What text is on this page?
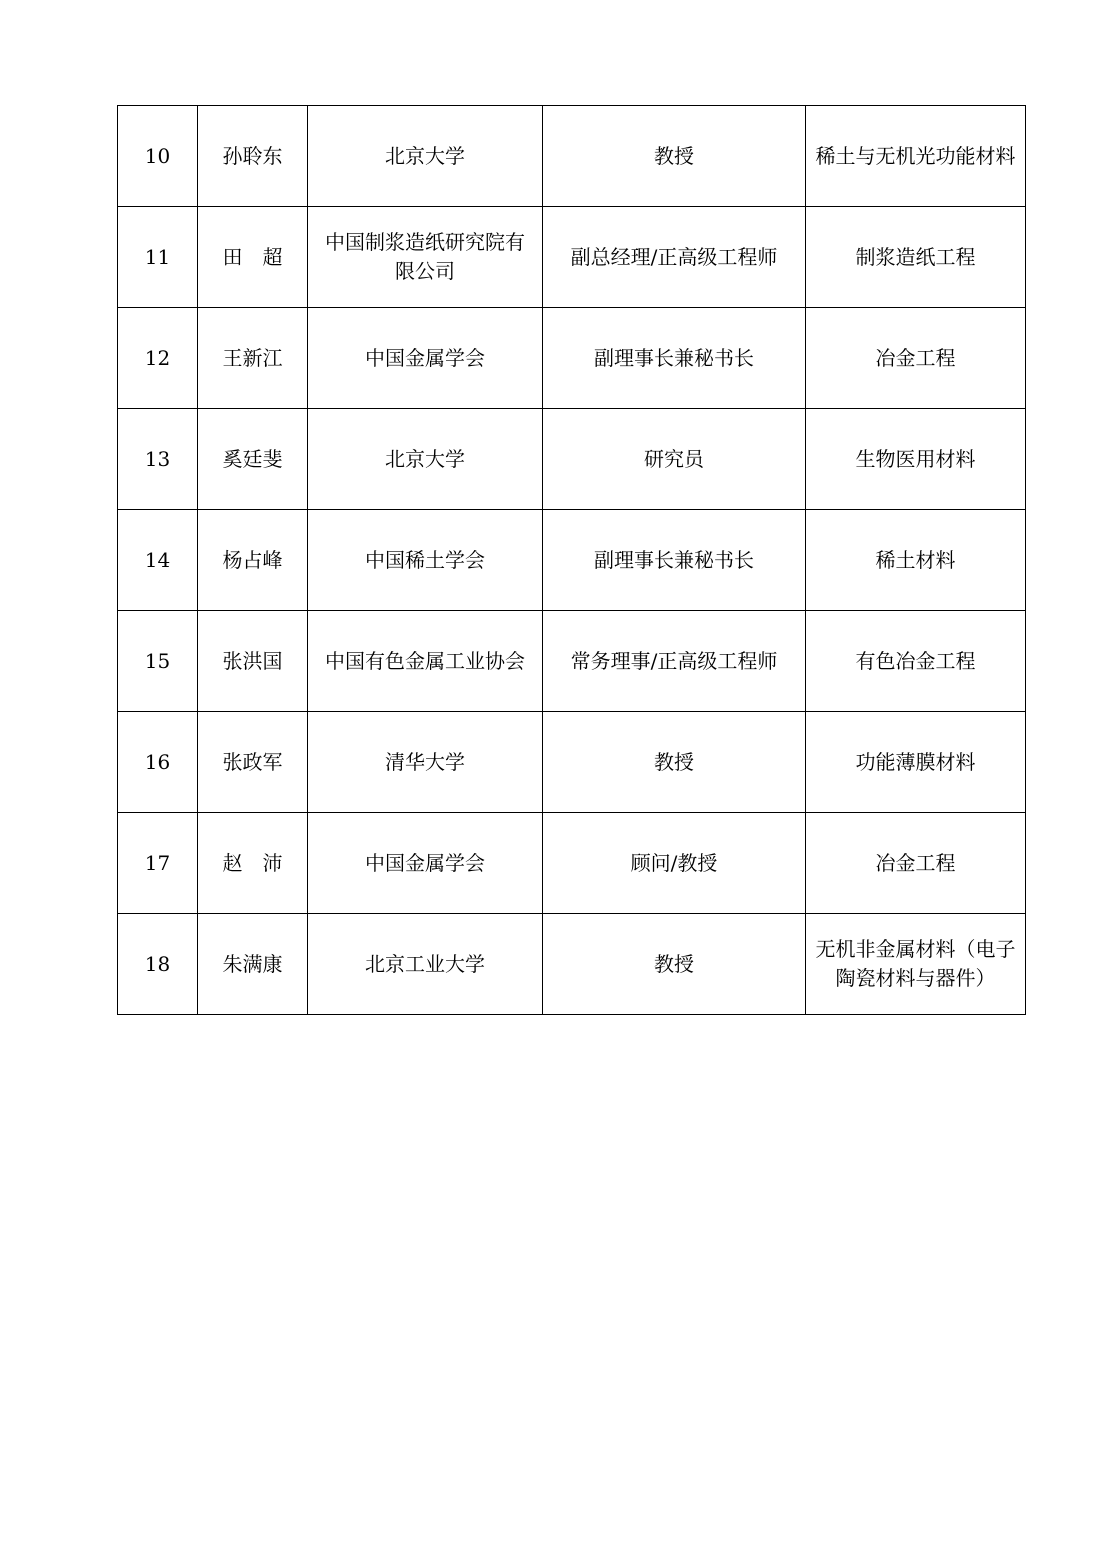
10	孙聆东	北京大学	教授	稀土与无机光功能材料
11	田　超	中国制浆造纸研究院有限公司	副总经理/正高级工程师	制浆造纸工程
12	王新江	中国金属学会	副理事长兼秘书长	冶金工程
13	奚廷斐	北京大学	研究员	生物医用材料
14	杨占峰	中国稀土学会	副理事长兼秘书长	稀土材料
15	张洪国	中国有色金属工业协会	常务理事/正高级工程师	有色冶金工程
16	张政军	清华大学	教授	功能薄膜材料
17	赵　沛	中国金属学会	顾问/教授	冶金工程
18	朱满康	北京工业大学	教授	无机非金属材料（电子陶瓷材料与器件）
